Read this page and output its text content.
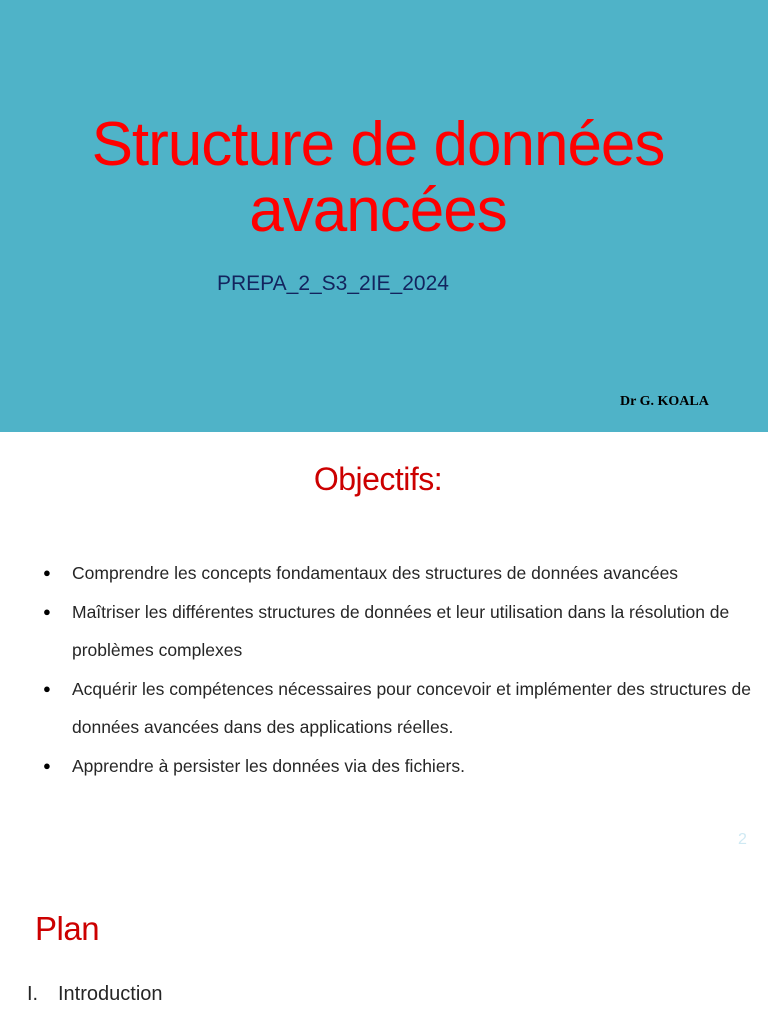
Structure de données
avancées
PREPA_2_S3_2IE_2024
Dr G. KOALA
Objectifs:
● Comprendre les concepts fondamentaux des structures de données avancées
● Maîtriser les différentes structures de données et leur utilisation dans la résolution de problèmes complexes
● Acquérir les compétences nécessaires pour concevoir et implémenter des structures de données avancées dans des applications réelles.
● Apprendre à persister les données via des fichiers.
2
Plan
I. Introduction
